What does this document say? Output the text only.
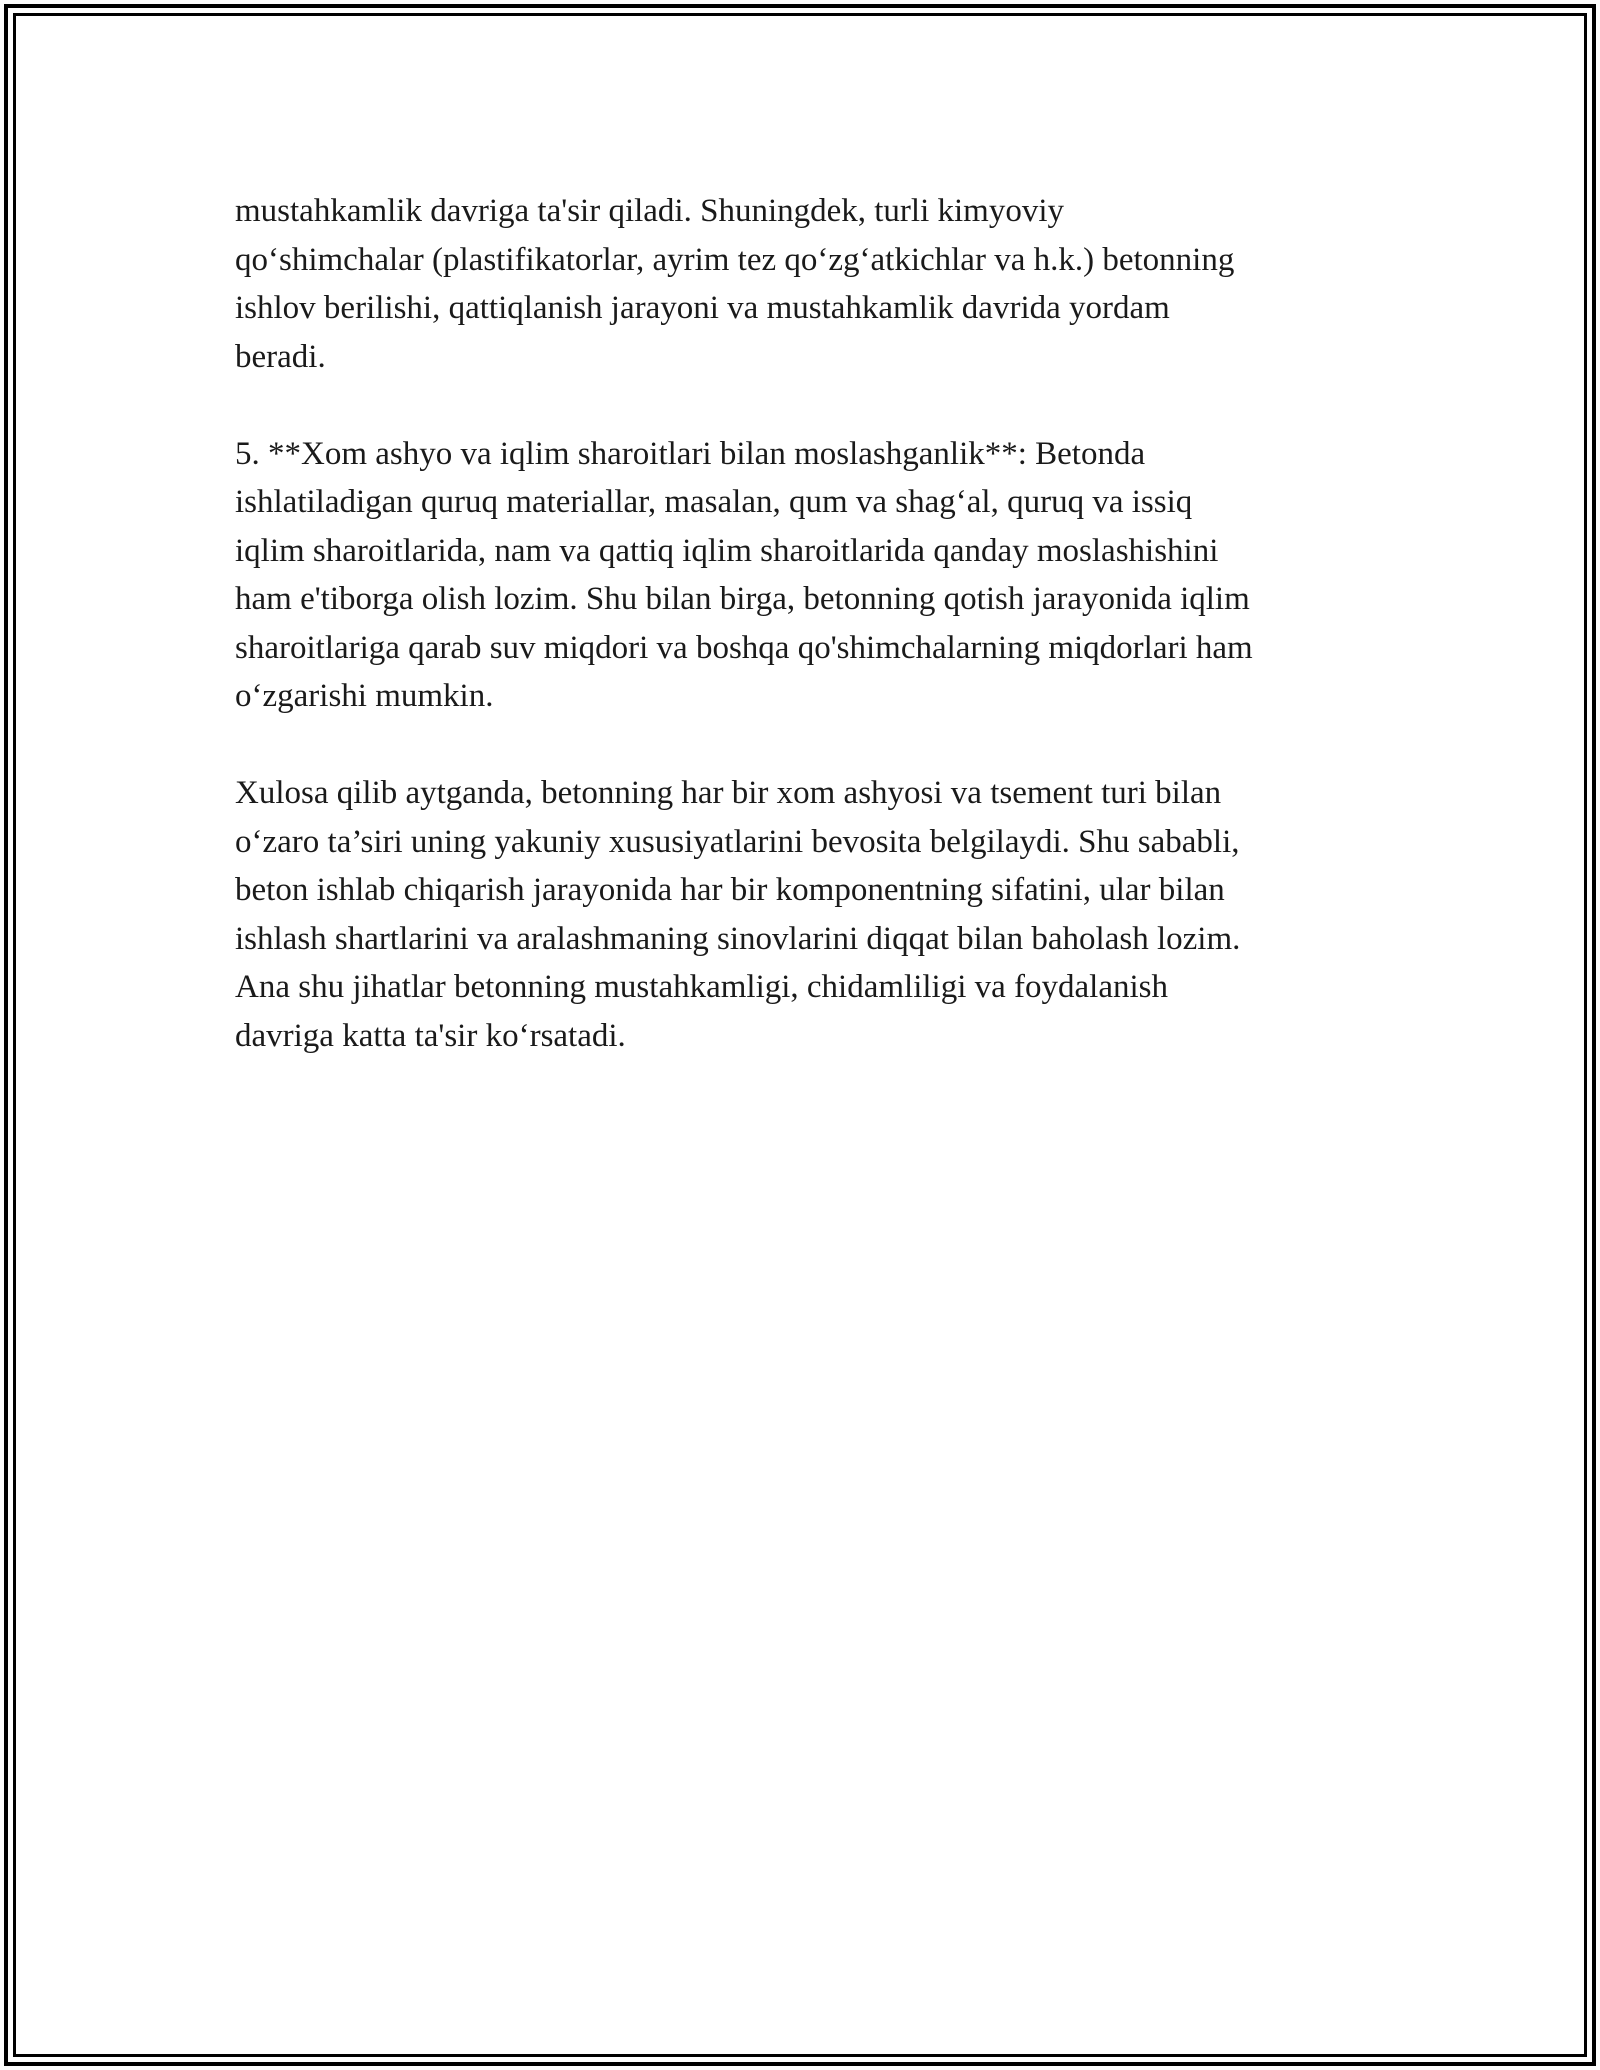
mustahkamlik davriga ta's‌ir qiladi. Shuningdek, turli kimyoviy
qo‘shimchalar (plastifikatorlar, ayrim tez qo‘zg‘atkichlar va h.k.) betonning
ishlov berilishi, qattiqlanish jarayoni va mustahkamlik davrida yordam
beradi.

5. **Xom ashyo va iqlim sharoitlari bilan moslashganlik**: Betonda
ishlatiladigan quruq materiallar, masalan, qum va shag‘al, quruq va issiq
iqlim sharoitlarida, nam va qattiq iqlim sharoitlarida qanday moslashishini
ham e'tiborga olish lozim. Shu bilan birga, betonning qotish jarayonida iqlim
sharoitlariga qarab suv miqdori va boshqa qo'shimchalarning miqdorlari ham
o‘zgarishi mumkin.

Xulosa qilib aytganda, betonning har bir xom ashyosi va tsement turi bilan
o‘zaro ta’siri uning yakuniy xususiyatlarini bevosita belgilaydi. Shu sababli,
beton ishlab chiqarish jarayonida har bir komponentning sifatini, ular bilan
ishlash shartlarini va aralashmaning sinovlarini diqqat bilan baholash lozim.
Ana shu jihatlar betonning mustahkamligi, chidamliligi va foydalanish
davriga katta ta's‌ir ko‘rsatadi.
